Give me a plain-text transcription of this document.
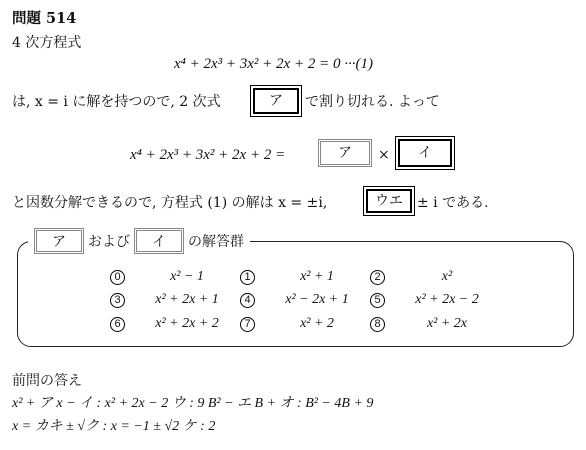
問題 514
4 次方程式
x⁴ + 2x³ + 3x² + 2x + 2 = 0 ···(1)
は, x = i に解を持つので, 2 次式	ア	で割り切れる. よって
x⁴ + 2x³ + 3x² + 2x + 2 =	ア	×	イ
と因数分解できるので, 方程式 (1) の解は x = ±i,	ウエ	± i である.
ア	および	イ	の解答群
0	x² − 1	1	x² + 1	2	x²
3	x² + 2x + 1	4	x² − 2x + 1	5	x² + 2x − 2
6	x² + 2x + 2	7	x² + 2	8	x² + 2x
前問の答え
x² + ア x − イ : x² + 2x − 2 ウ : 9 B² − エ B + オ : B² − 4B + 9
x = カキ ± √ク : x = −1 ± √2 ケ : 2
